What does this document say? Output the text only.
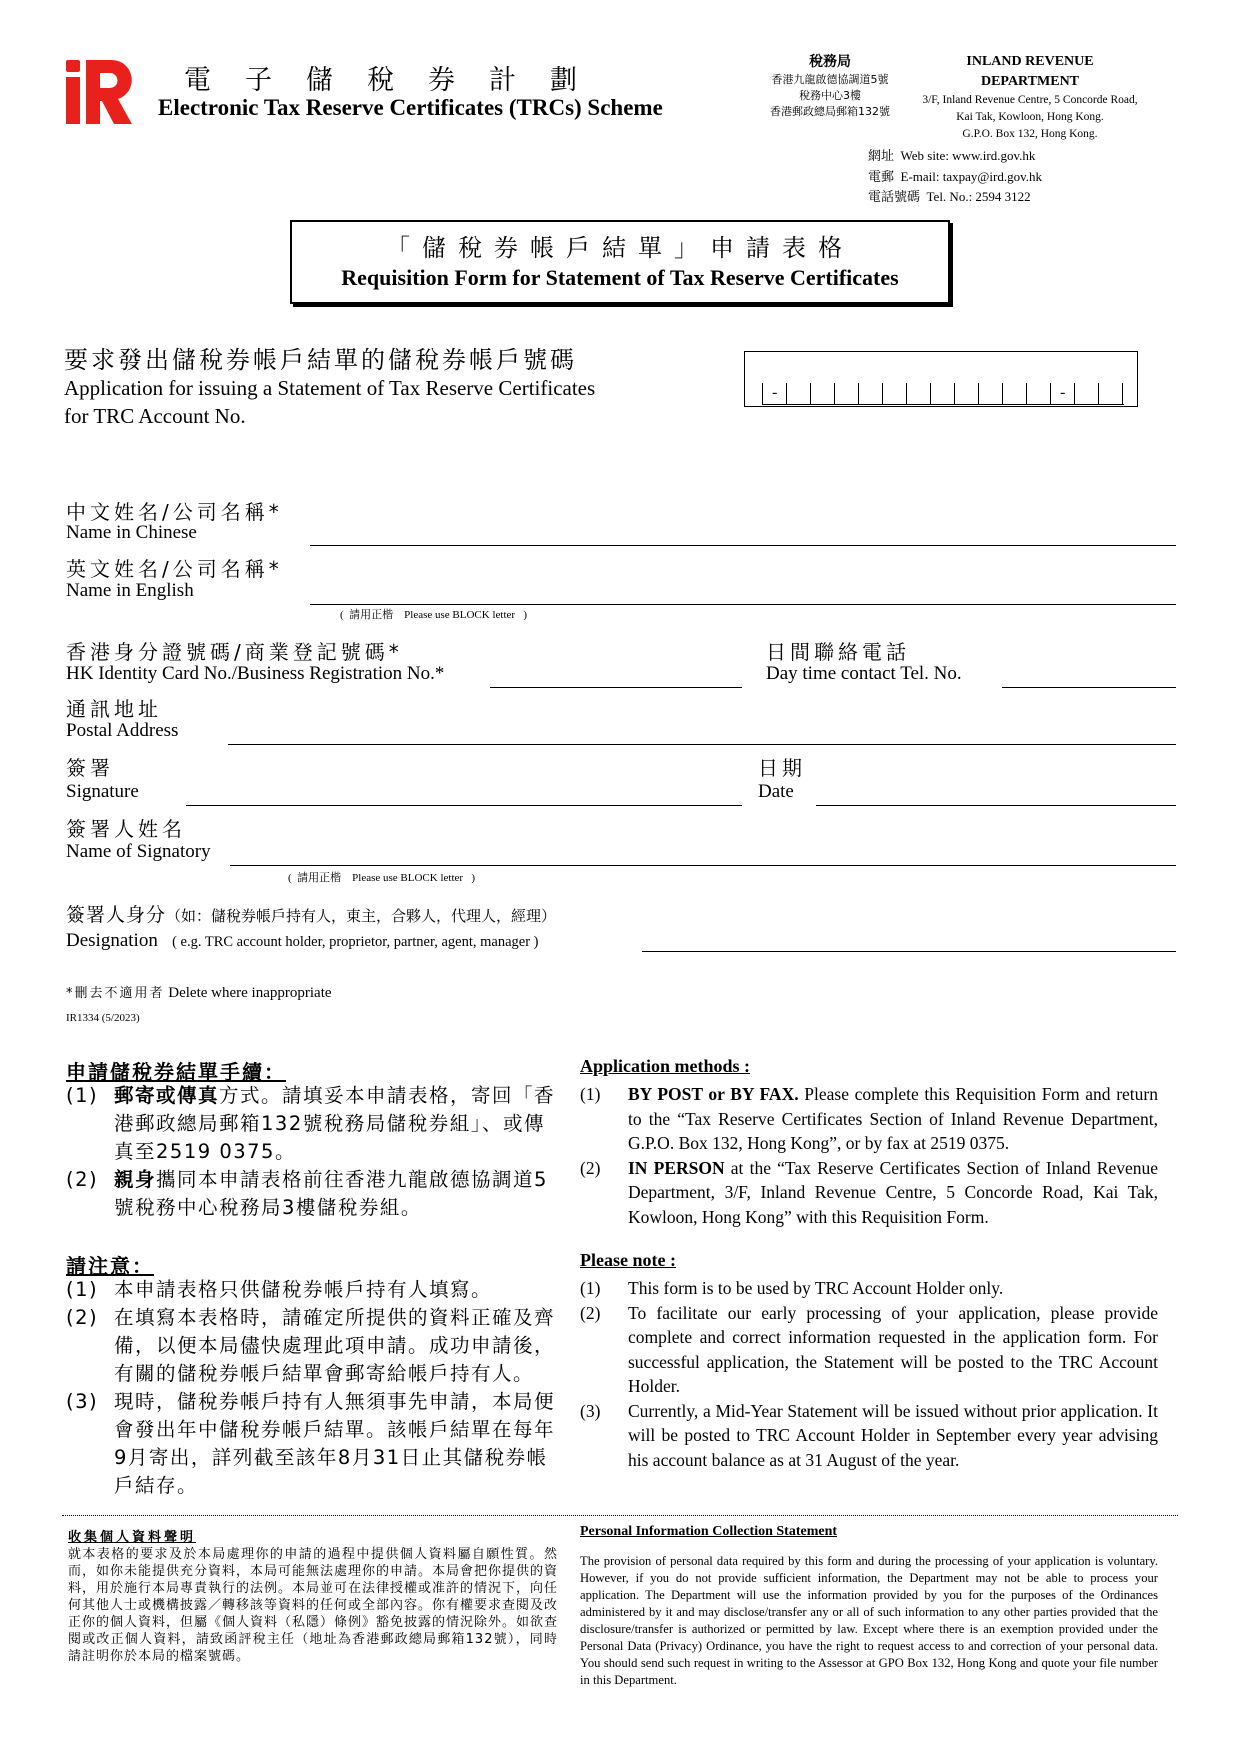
電子儲稅券計劃
Electronic Tax Reserve Certificates (TRCs) Scheme
稅務局
香港九龍啟德協調道5號
稅務中心3樓
香港郵政總局郵箱132號
INLAND REVENUE DEPARTMENT
3/F, Inland Revenue Centre, 5 Concorde Road,
Kai Tak, Kowloon, Hong Kong.
G.P.O. Box 132, Hong Kong.
網址 Web site: www.ird.gov.hk
電郵 E-mail: taxpay@ird.gov.hk
電話號碼 Tel. No.: 2594 3122
「儲稅券帳戶結單」申請表格
Requisition Form for Statement of Tax Reserve Certificates
要求發出儲稅券帳戶結單的儲稅券帳戶號碼
Application for issuing a Statement of Tax Reserve Certificates for TRC Account No.
-	-
中文姓名/公司名稱*
Name in Chinese
英文姓名/公司名稱*
Name in English
(  請用正楷 Please use BLOCK letter   )
香港身分證號碼/商業登記號碼*
HK Identity Card No./Business Registration No.*
日間聯絡電話
Day time contact Tel. No.
通訊地址
Postal Address
簽署
Signature
日期
Date
簽署人姓名
Name of Signatory
(  請用正楷 Please use BLOCK letter   )
簽署人身分（如：儲稅券帳戶持有人，東主，合夥人，代理人，經理）
Designation ( e.g. TRC account holder, proprietor, partner, agent, manager )
*刪去不適用者 Delete where inappropriate
IR1334 (5/2023)
申請儲稅券結單手續：	Application methods :
(1) 郵寄或傳真方式。請填妥本申請表格，寄回「香港郵政總局郵箱132號稅務局儲稅券組」、或傳真至2519 0375。
(2) 親身攜同本申請表格前往香港九龍啟德協調道5號稅務中心稅務局3樓儲稅券組。
(1) BY POST or BY FAX. Please complete this Requisition Form and return to the “Tax Reserve Certificates Section of Inland Revenue Department, G.P.O. Box 132, Hong Kong”, or by fax at 2519 0375.
(2) IN PERSON at the “Tax Reserve Certificates Section of Inland Revenue Department, 3/F, Inland Revenue Centre, 5 Concorde Road, Kai Tak, Kowloon, Hong Kong” with this Requisition Form.
請注意：	Please note :
(1) 本申請表格只供儲稅券帳戶持有人填寫。
(2) 在填寫本表格時，請確定所提供的資料正確及齊備，以便本局儘快處理此項申請。成功申請後，有關的儲稅券帳戶結單會郵寄給帳戶持有人。
(3) 現時，儲稅券帳戶持有人無須事先申請，本局便會發出年中儲稅券帳戶結單。該帳戶結單在每年9月寄出，詳列截至該年8月31日止其儲稅券帳戶結存。
(1) This form is to be used by TRC Account Holder only.
(2) To facilitate our early processing of your application, please provide complete and correct information requested in the application form. For successful application, the Statement will be posted to the TRC Account Holder.
(3) Currently, a Mid-Year Statement will be issued without prior application. It will be posted to TRC Account Holder in September every year advising his account balance as at 31 August of the year.
收集個人資料聲明
就本表格的要求及於本局處理你的申請的過程中提供個人資料屬自願性質。然而，如你未能提供充分資料，本局可能無法處理你的申請。本局會把你提供的資料，用於施行本局專責執行的法例。本局並可在法律授權或准許的情況下，向任何其他人士或機構披露／轉移該等資料的任何或全部內容。你有權要求查閱及改正你的個人資料，但屬《個人資料（私隱）條例》豁免披露的情況除外。如欲查閱或改正個人資料，請致函評稅主任（地址為香港郵政總局郵箱132號），同時請註明你於本局的檔案號碼。
Personal Information Collection Statement
The provision of personal data required by this form and during the processing of your application is voluntary. However, if you do not provide sufficient information, the Department may not be able to process your application. The Department will use the information provided by you for the purposes of the Ordinances administered by it and may disclose/transfer any or all of such information to any other parties provided that the disclosure/transfer is authorized or permitted by law. Except where there is an exemption provided under the Personal Data (Privacy) Ordinance, you have the right to request access to and correction of your personal data. You should send such request in writing to the Assessor at GPO Box 132, Hong Kong and quote your file number in this Department.
